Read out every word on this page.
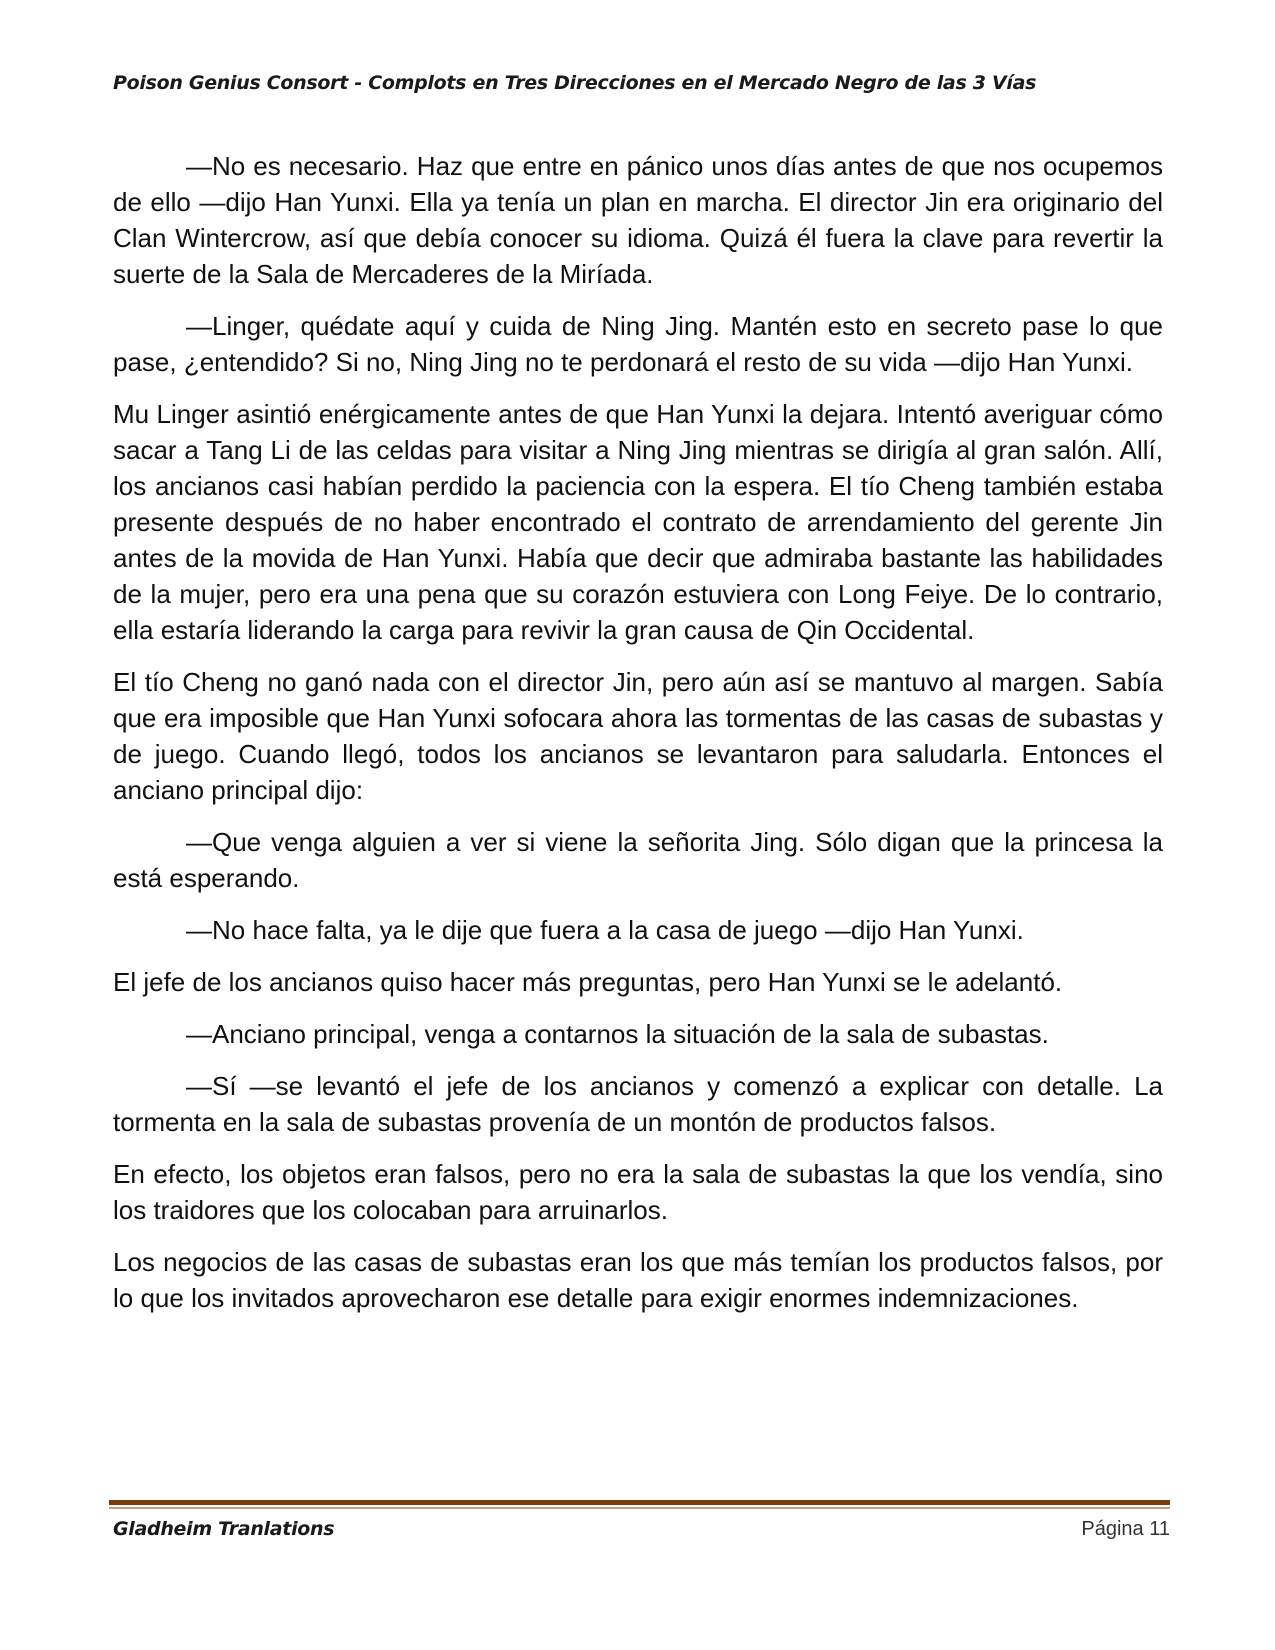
Poison Genius Consort - Complots en Tres Direcciones en el Mercado Negro de las 3 Vías

—No es necesario. Haz que entre en pánico unos días antes de que nos ocupemos de ello —dijo Han Yunxi. Ella ya tenía un plan en marcha. El director Jin era originario del Clan Wintercrow, así que debía conocer su idioma. Quizá él fuera la clave para revertir la suerte de la Sala de Mercaderes de la Miríada.

—Linger, quédate aquí y cuida de Ning Jing. Mantén esto en secreto pase lo que pase, ¿entendido? Si no, Ning Jing no te perdonará el resto de su vida —dijo Han Yunxi.

Mu Linger asintió enérgicamente antes de que Han Yunxi la dejara. Intentó averiguar cómo sacar a Tang Li de las celdas para visitar a Ning Jing mientras se dirigía al gran salón. Allí, los ancianos casi habían perdido la paciencia con la espera. El tío Cheng también estaba presente después de no haber encontrado el contrato de arrendamiento del gerente Jin antes de la movida de Han Yunxi. Había que decir que admiraba bastante las habilidades de la mujer, pero era una pena que su corazón estuviera con Long Feiye. De lo contrario, ella estaría liderando la carga para revivir la gran causa de Qin Occidental.

El tío Cheng no ganó nada con el director Jin, pero aún así se mantuvo al margen. Sabía que era imposible que Han Yunxi sofocara ahora las tormentas de las casas de subastas y de juego. Cuando llegó, todos los ancianos se levantaron para saludarla. Entonces el anciano principal dijo:

—Que venga alguien a ver si viene la señorita Jing. Sólo digan que la princesa la está esperando.

—No hace falta, ya le dije que fuera a la casa de juego —dijo Han Yunxi.

El jefe de los ancianos quiso hacer más preguntas, pero Han Yunxi se le adelantó.

—Anciano principal, venga a contarnos la situación de la sala de subastas.

—Sí —se levantó el jefe de los ancianos y comenzó a explicar con detalle. La tormenta en la sala de subastas provenía de un montón de productos falsos.

En efecto, los objetos eran falsos, pero no era la sala de subastas la que los vendía, sino los traidores que los colocaban para arruinarlos.

Los negocios de las casas de subastas eran los que más temían los productos falsos, por lo que los invitados aprovecharon ese detalle para exigir enormes indemnizaciones.

Gladheim Tranlations	Página 11
